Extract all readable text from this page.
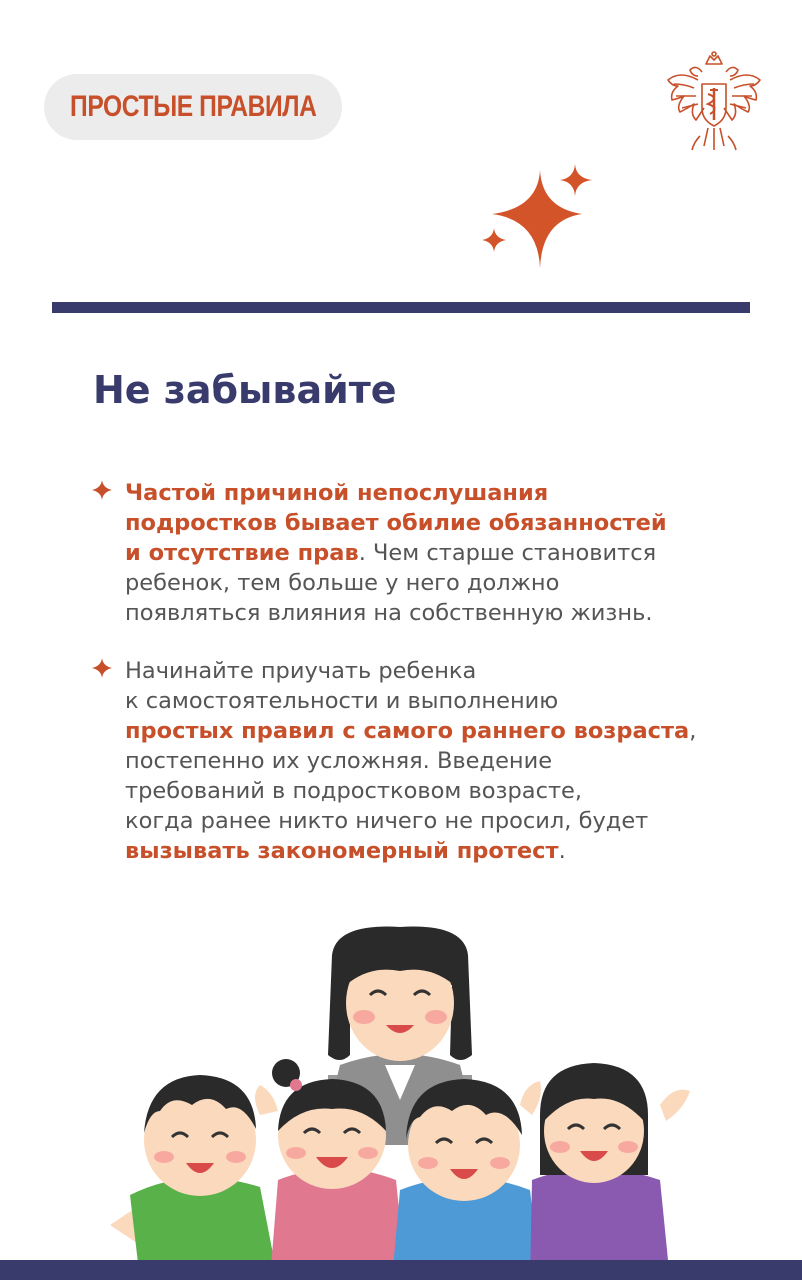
ПРОСТЫЕ ПРАВИЛА
Не забывайте

Частой причиной непослушания
подростков бывает обилие обязанностей
и отсутствие прав. Чем старше становится
ребенок, тем больше у него должно
появляться влияния на собственную жизнь.

Начинайте приучать ребенка
к самостоятельности и выполнению
простых правил с самого раннего возраста,
постепенно их усложняя. Введение
требований в подростковом возрасте,
когда ранее никто ничего не просил, будет
вызывать закономерный протест.
